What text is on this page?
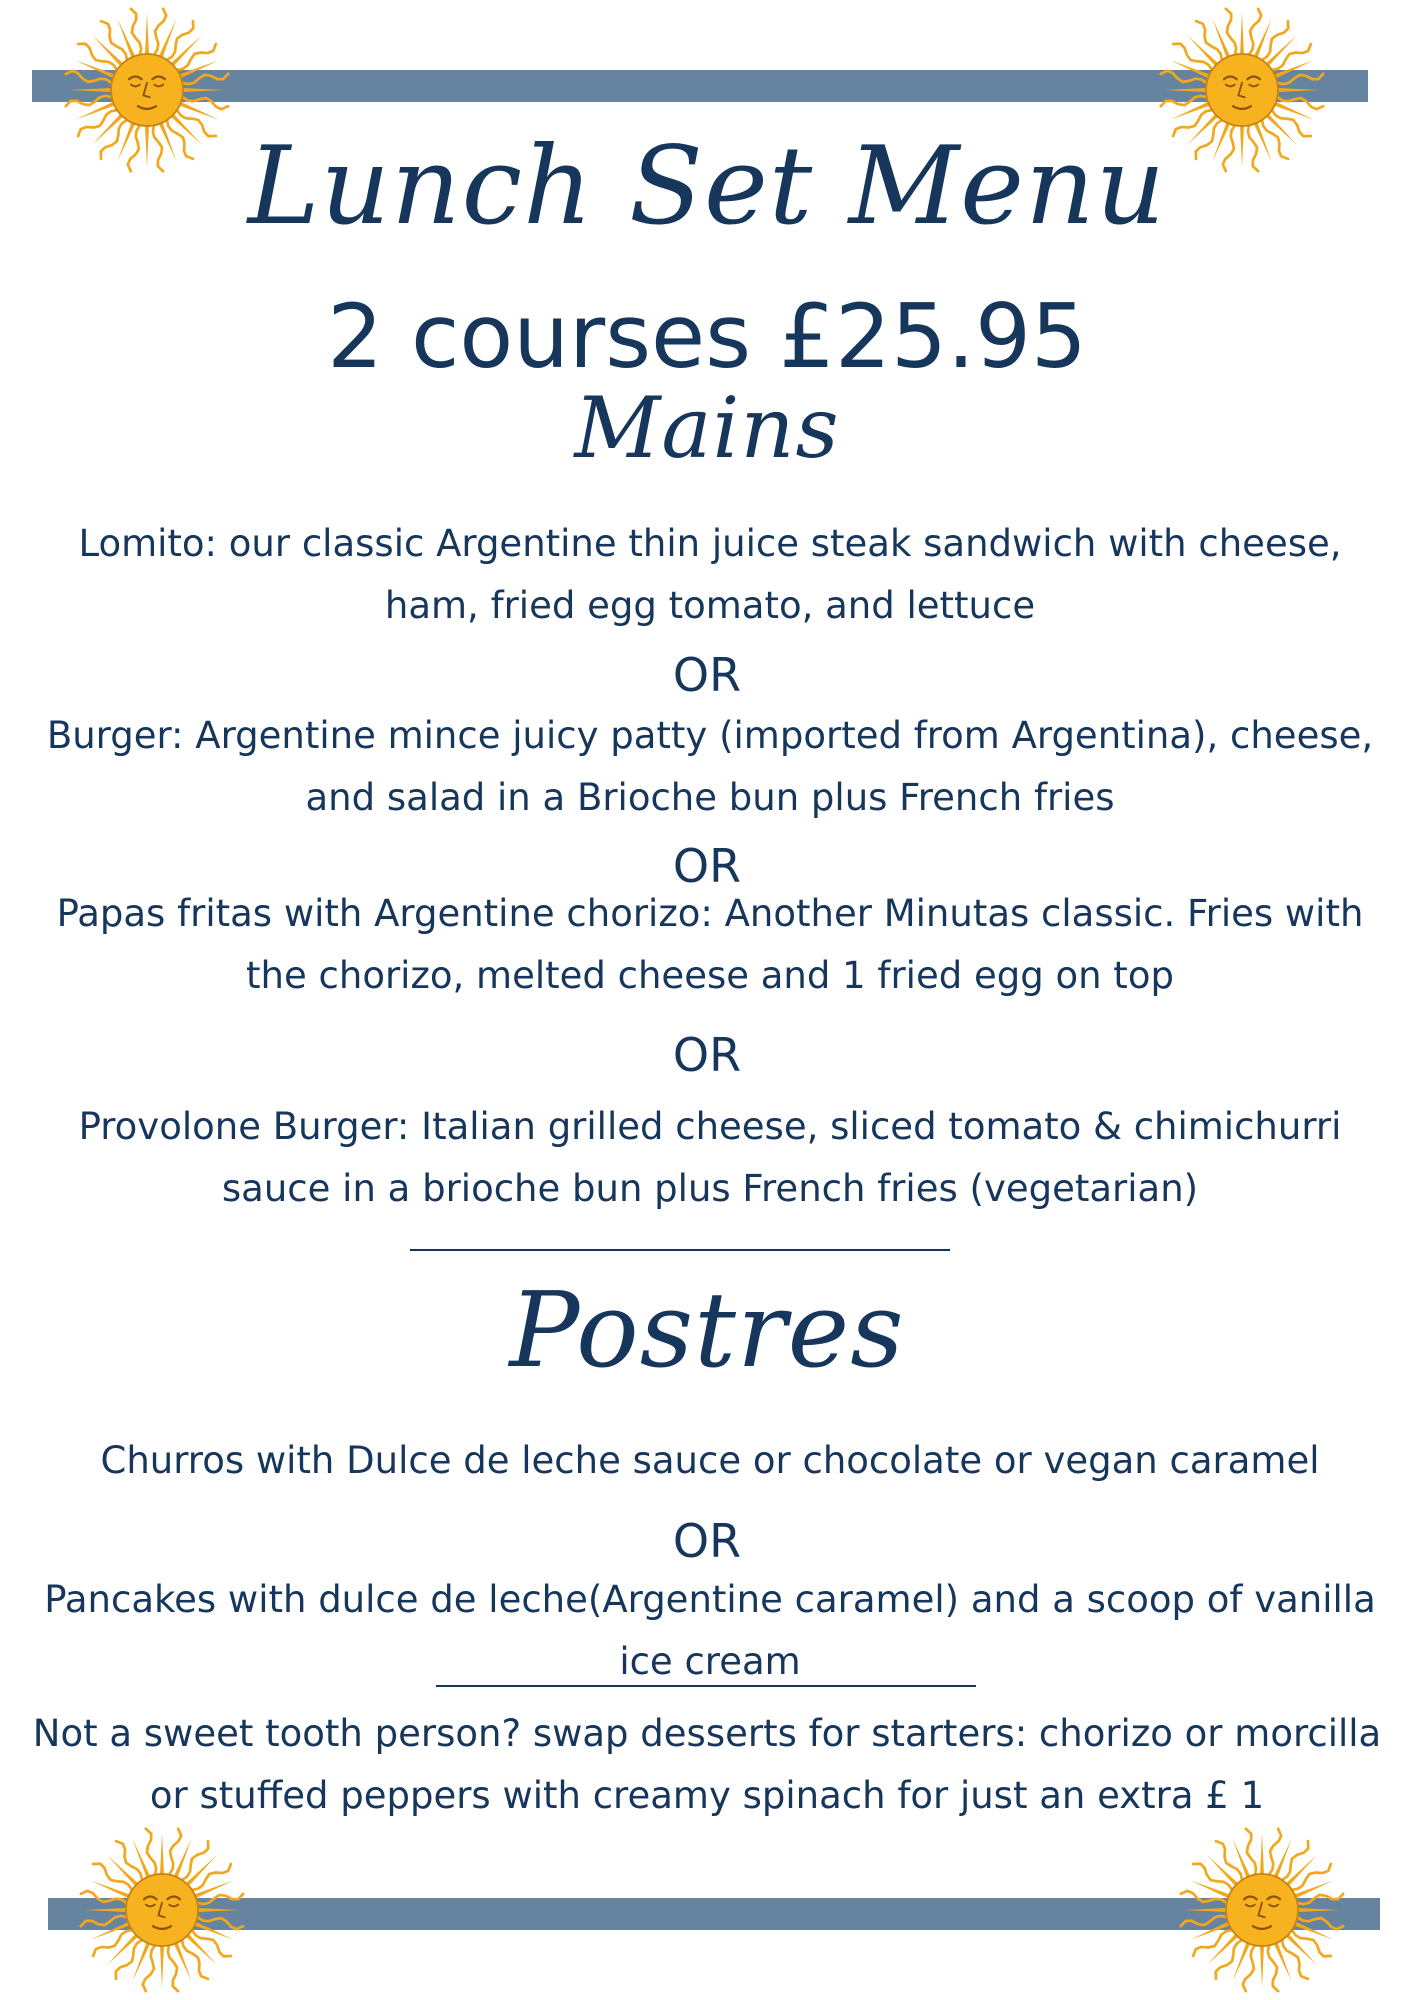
Lunch Set Menu
2 courses £25.95
Mains
Lomito: our classic Argentine thin juice steak sandwich with cheese, ham, fried egg tomato, and lettuce
OR
Burger: Argentine mince juicy patty (imported from Argentina), cheese, and salad in a Brioche bun plus French fries
OR
Papas fritas with Argentine chorizo: Another Minutas classic. Fries with the chorizo, melted cheese and 1 fried egg on top
OR
Provolone Burger: Italian grilled cheese, sliced tomato & chimichurri sauce in a brioche bun plus French fries (vegetarian)
Postres
Churros with Dulce de leche sauce or chocolate or vegan caramel
OR
Pancakes with dulce de leche(Argentine caramel) and a scoop of vanilla ice cream
Not a sweet tooth person? swap desserts for starters: chorizo or morcilla or stuffed peppers with creamy spinach for just an extra £ 1
